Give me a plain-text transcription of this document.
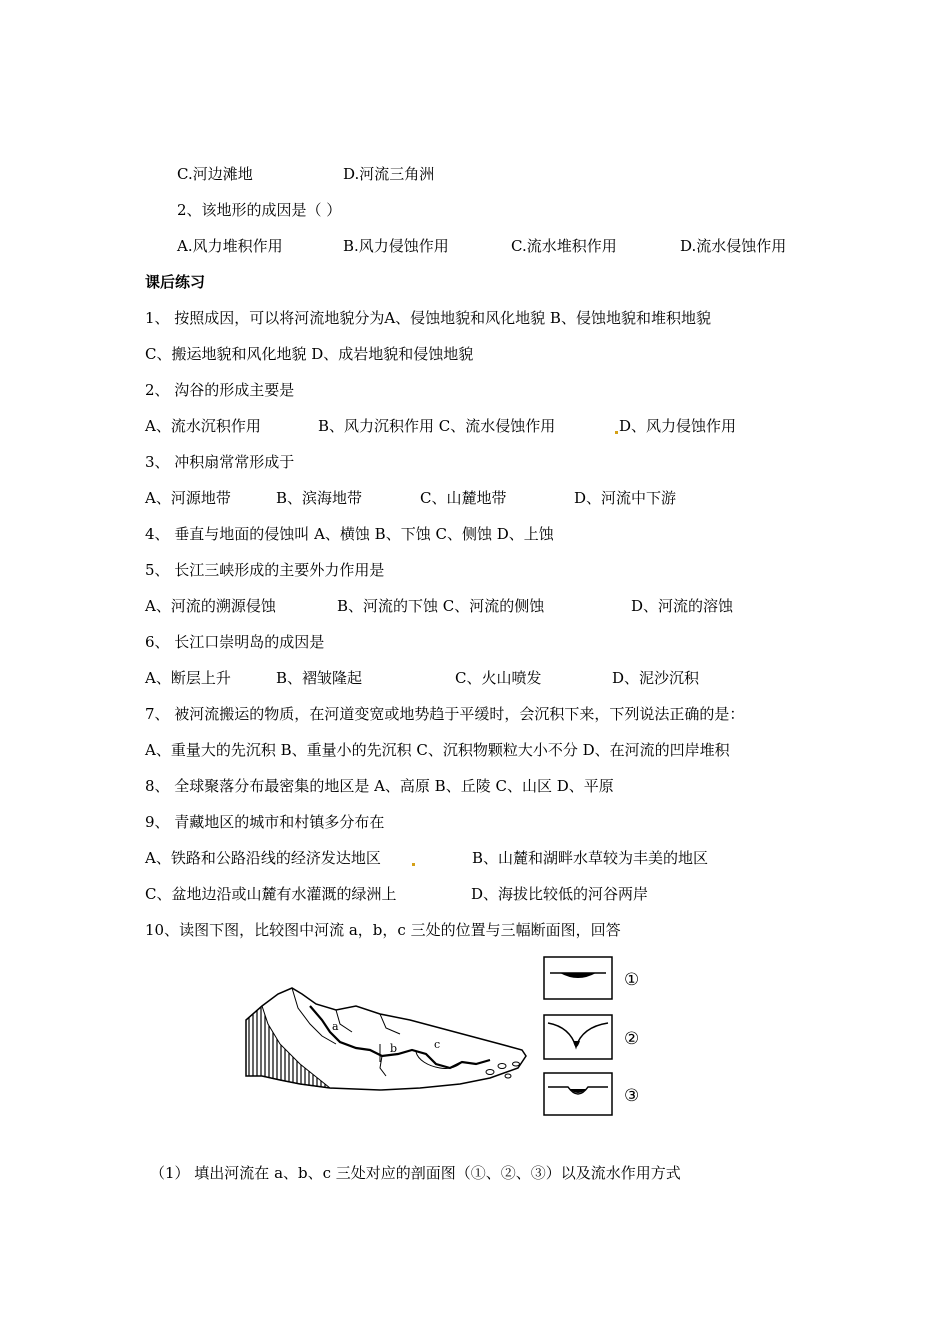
C.河边滩地	D.河流三角洲
2、该地形的成因是（ ）
A.风力堆积作用	B.风力侵蚀作用	C.流水堆积作用	D.流水侵蚀作用
课后练习
1、 按照成因，可以将河流地貌分为A、侵蚀地貌和风化地貌 B、侵蚀地貌和堆积地貌
C、搬运地貌和风化地貌 D、成岩地貌和侵蚀地貌
2、 沟谷的形成主要是
A、流水沉积作用	B、风力沉积作用 C、流水侵蚀作用	D、风力侵蚀作用
3、 冲积扇常常形成于
A、河源地带	B、滨海地带	C、山麓地带	D、河流中下游
4、 垂直与地面的侵蚀叫 A、横蚀 B、下蚀 C、侧蚀 D、上蚀
5、 长江三峡形成的主要外力作用是
A、河流的溯源侵蚀	B、河流的下蚀 C、河流的侧蚀	D、河流的溶蚀
6、 长江口崇明岛的成因是
A、断层上升	B、褶皱隆起	C、火山喷发	D、泥沙沉积
7、 被河流搬运的物质，在河道变宽或地势趋于平缓时，会沉积下来，下列说法正确的是：
A、重量大的先沉积 B、重量小的先沉积 C、沉积物颗粒大小不分 D、在河流的凹岸堆积
8、 全球聚落分布最密集的地区是 A、高原 B、丘陵 C、山区 D、平原
9、 青藏地区的城市和村镇多分布在
A、铁路和公路沿线的经济发达地区	B、山麓和湖畔水草较为丰美的地区
C、盆地边沿或山麓有水灌溉的绿洲上	D、海拔比较低的河谷两岸
10、读图下图，比较图中河流 a，b，c 三处的位置与三幅断面图，回答
a
b	c
①
②
③
（1） 填出河流在 a、b、c 三处对应的剖面图（①、②、③）以及流水作用方式
